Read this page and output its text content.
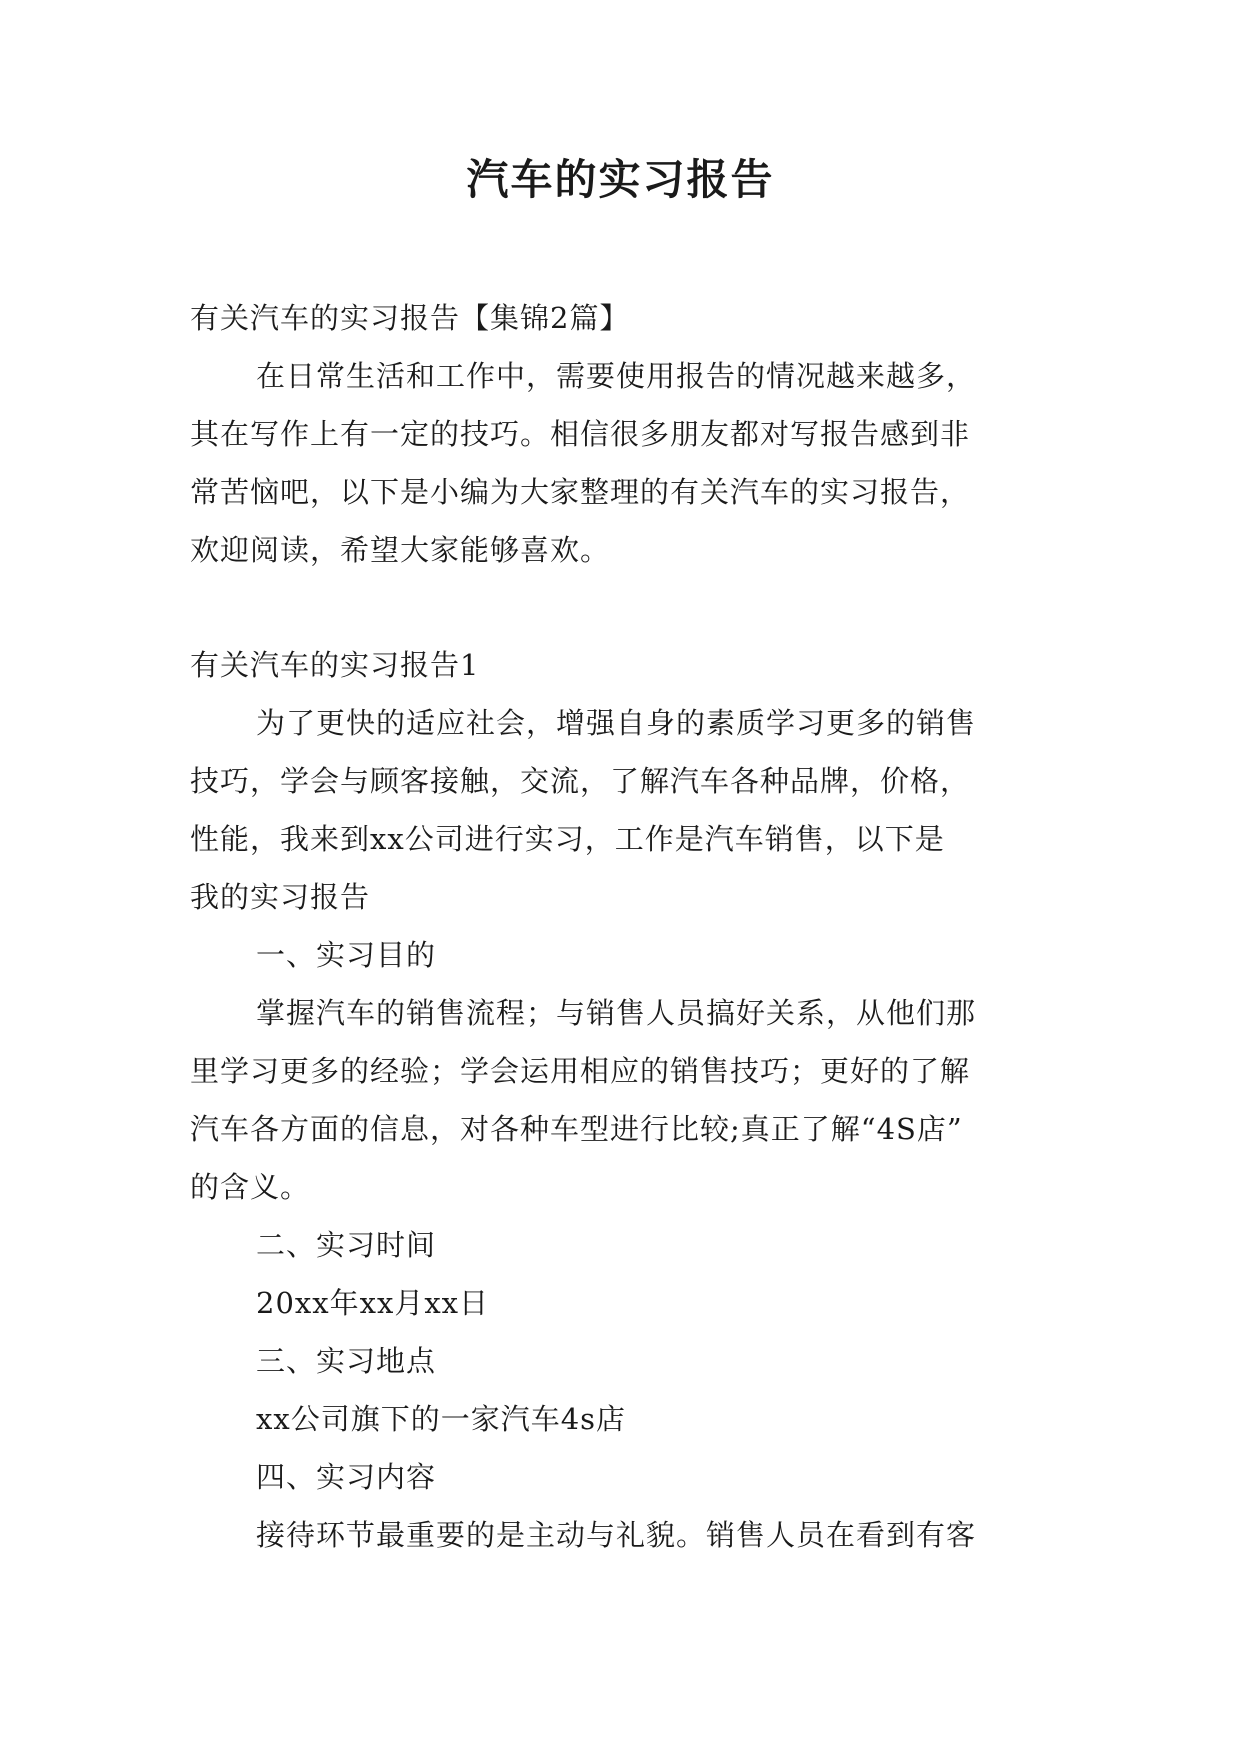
汽车的实习报告
有关汽车的实习报告【集锦2篇】
在日常生活和工作中，需要使用报告的情况越来越多，
其在写作上有一定的技巧。相信很多朋友都对写报告感到非
常苦恼吧，以下是小编为大家整理的有关汽车的实习报告，
欢迎阅读，希望大家能够喜欢。
有关汽车的实习报告1
为了更快的适应社会，增强自身的素质学习更多的销售
技巧，学会与顾客接触，交流，了解汽车各种品牌，价格，
性能，我来到xx公司进行实习，工作是汽车销售，以下是
我的实习报告
一、实习目的
掌握汽车的销售流程；与销售人员搞好关系，从他们那
里学习更多的经验；学会运用相应的销售技巧；更好的了解
汽车各方面的信息，对各种车型进行比较;真正了解“4S店”
的含义。
二、实习时间
20xx年xx月xx日
三、实习地点
xx公司旗下的一家汽车4s店
四、实习内容
接待环节最重要的是主动与礼貌。销售人员在看到有客
